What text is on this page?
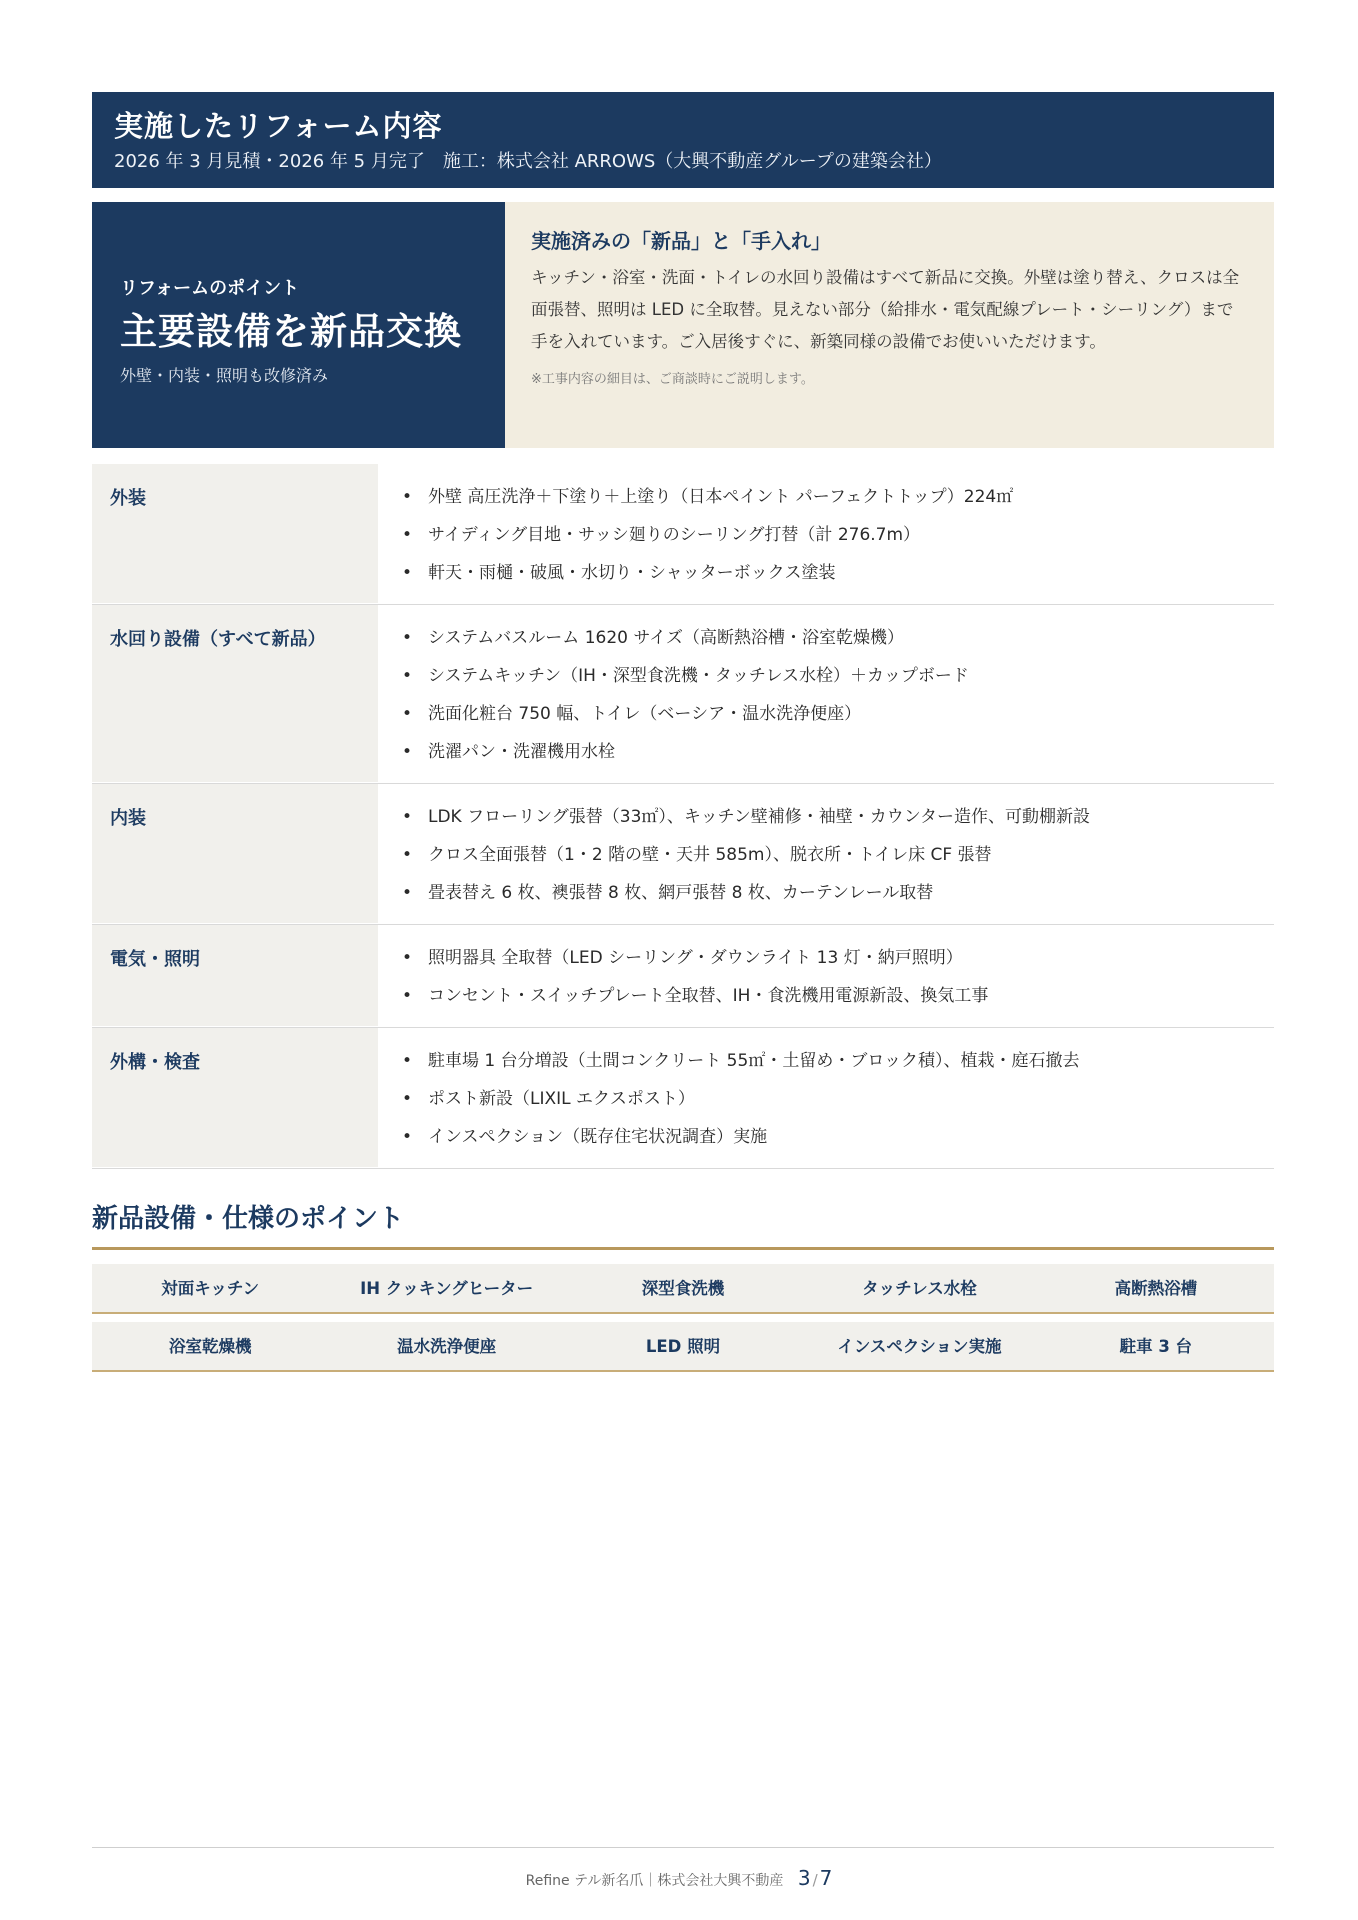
実施したリフォーム内容
2026 年 3 月見積・2026 年 5 月完了　施工：株式会社 ARROWS（大興不動産グループの建築会社）
リフォームのポイント
主要設備を新品交換
外壁・内装・照明も改修済み
実施済みの「新品」と「手入れ」
キッチン・浴室・洗面・トイレの水回り設備はすべて新品に交換。外壁は塗り替え、クロスは全面張替、照明は LED に全取替。見えない部分（給排水・電気配線プレート・シーリング）まで手を入れています。ご入居後すぐに、新築同様の設備でお使いいただけます。
※工事内容の細目は、ご商談時にご説明します。
外装	• 外壁 高圧洗浄＋下塗り＋上塗り（日本ペイント パーフェクトトップ）224㎡
• サイディング目地・サッシ廻りのシーリング打替（計 276.7m）
• 軒天・雨樋・破風・水切り・シャッターボックス塗装
水回り設備（すべて新品）	• システムバスルーム 1620 サイズ（高断熱浴槽・浴室乾燥機）
• システムキッチン（IH・深型食洗機・タッチレス水栓）＋カップボード
• 洗面化粧台 750 幅、トイレ（ベーシア・温水洗浄便座）
• 洗濯パン・洗濯機用水栓
内装	• LDK フローリング張替（33㎡）、キッチン壁補修・袖壁・カウンター造作、可動棚新設
• クロス全面張替（1・2 階の壁・天井 585m）、脱衣所・トイレ床 CF 張替
• 畳表替え 6 枚、襖張替 8 枚、網戸張替 8 枚、カーテンレール取替
電気・照明	• 照明器具 全取替（LED シーリング・ダウンライト 13 灯・納戸照明）
• コンセント・スイッチプレート全取替、IH・食洗機用電源新設、換気工事
外構・検査	• 駐車場 1 台分増設（土間コンクリート 55㎡・土留め・ブロック積）、植栽・庭石撤去
• ポスト新設（LIXIL エクスポスト）
• インスペクション（既存住宅状況調査）実施
新品設備・仕様のポイント
対面キッチン	IH クッキングヒーター	深型食洗機	タッチレス水栓	高断熱浴槽
浴室乾燥機	温水洗浄便座	LED 照明	インスペクション実施	駐車 3 台
Refine テル新名爪｜株式会社大興不動産 3 / 7
